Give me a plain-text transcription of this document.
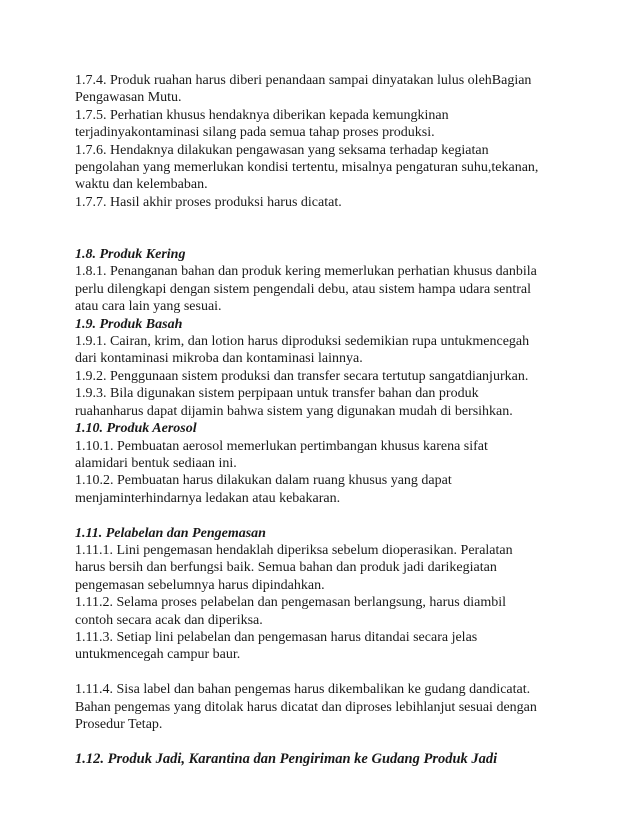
1.7.4. Produk ruahan harus diberi penandaan sampai dinyatakan lulus olehBagian
Pengawasan Mutu.
1.7.5. Perhatian khusus hendaknya diberikan kepada kemungkinan
terjadinyakontaminasi silang pada semua tahap proses produksi.
1.7.6. Hendaknya dilakukan pengawasan yang seksama terhadap kegiatan
pengolahan yang memerlukan kondisi tertentu, misalnya pengaturan suhu,tekanan,
waktu dan kelembaban.
1.7.7. Hasil akhir proses produksi harus dicatat.
1.8. Produk Kering
1.8.1. Penanganan bahan dan produk kering memerlukan perhatian khusus danbila
perlu dilengkapi dengan sistem pengendali debu, atau sistem hampa udara sentral
atau cara lain yang sesuai.
1.9. Produk Basah
1.9.1. Cairan, krim, dan lotion harus diproduksi sedemikian rupa untukmencegah
dari kontaminasi mikroba dan kontaminasi lainnya.
1.9.2. Penggunaan sistem produksi dan transfer secara tertutup sangatdianjurkan.
1.9.3. Bila digunakan sistem perpipaan untuk transfer bahan dan produk
ruahanharus dapat dijamin bahwa sistem yang digunakan mudah di bersihkan.
1.10. Produk Aerosol
1.10.1. Pembuatan aerosol memerlukan pertimbangan khusus karena sifat
alamidari bentuk sediaan ini.
1.10.2. Pembuatan harus dilakukan dalam ruang khusus yang dapat
menjaminterhindarnya ledakan atau kebakaran.
1.11. Pelabelan dan Pengemasan
1.11.1. Lini pengemasan hendaklah diperiksa sebelum dioperasikan. Peralatan
harus bersih dan berfungsi baik. Semua bahan dan produk jadi darikegiatan
pengemasan sebelumnya harus dipindahkan.
1.11.2. Selama proses pelabelan dan pengemasan berlangsung, harus diambil
contoh secara acak dan diperiksa.
1.11.3. Setiap lini pelabelan dan pengemasan harus ditandai secara jelas
untukmencegah campur baur.
1.11.4. Sisa label dan bahan pengemas harus dikembalikan ke gudang dandicatat.
Bahan pengemas yang ditolak harus dicatat dan diproses lebihlanjut sesuai dengan
Prosedur Tetap.
1.12. Produk Jadi, Karantina dan Pengiriman ke Gudang Produk Jadi
